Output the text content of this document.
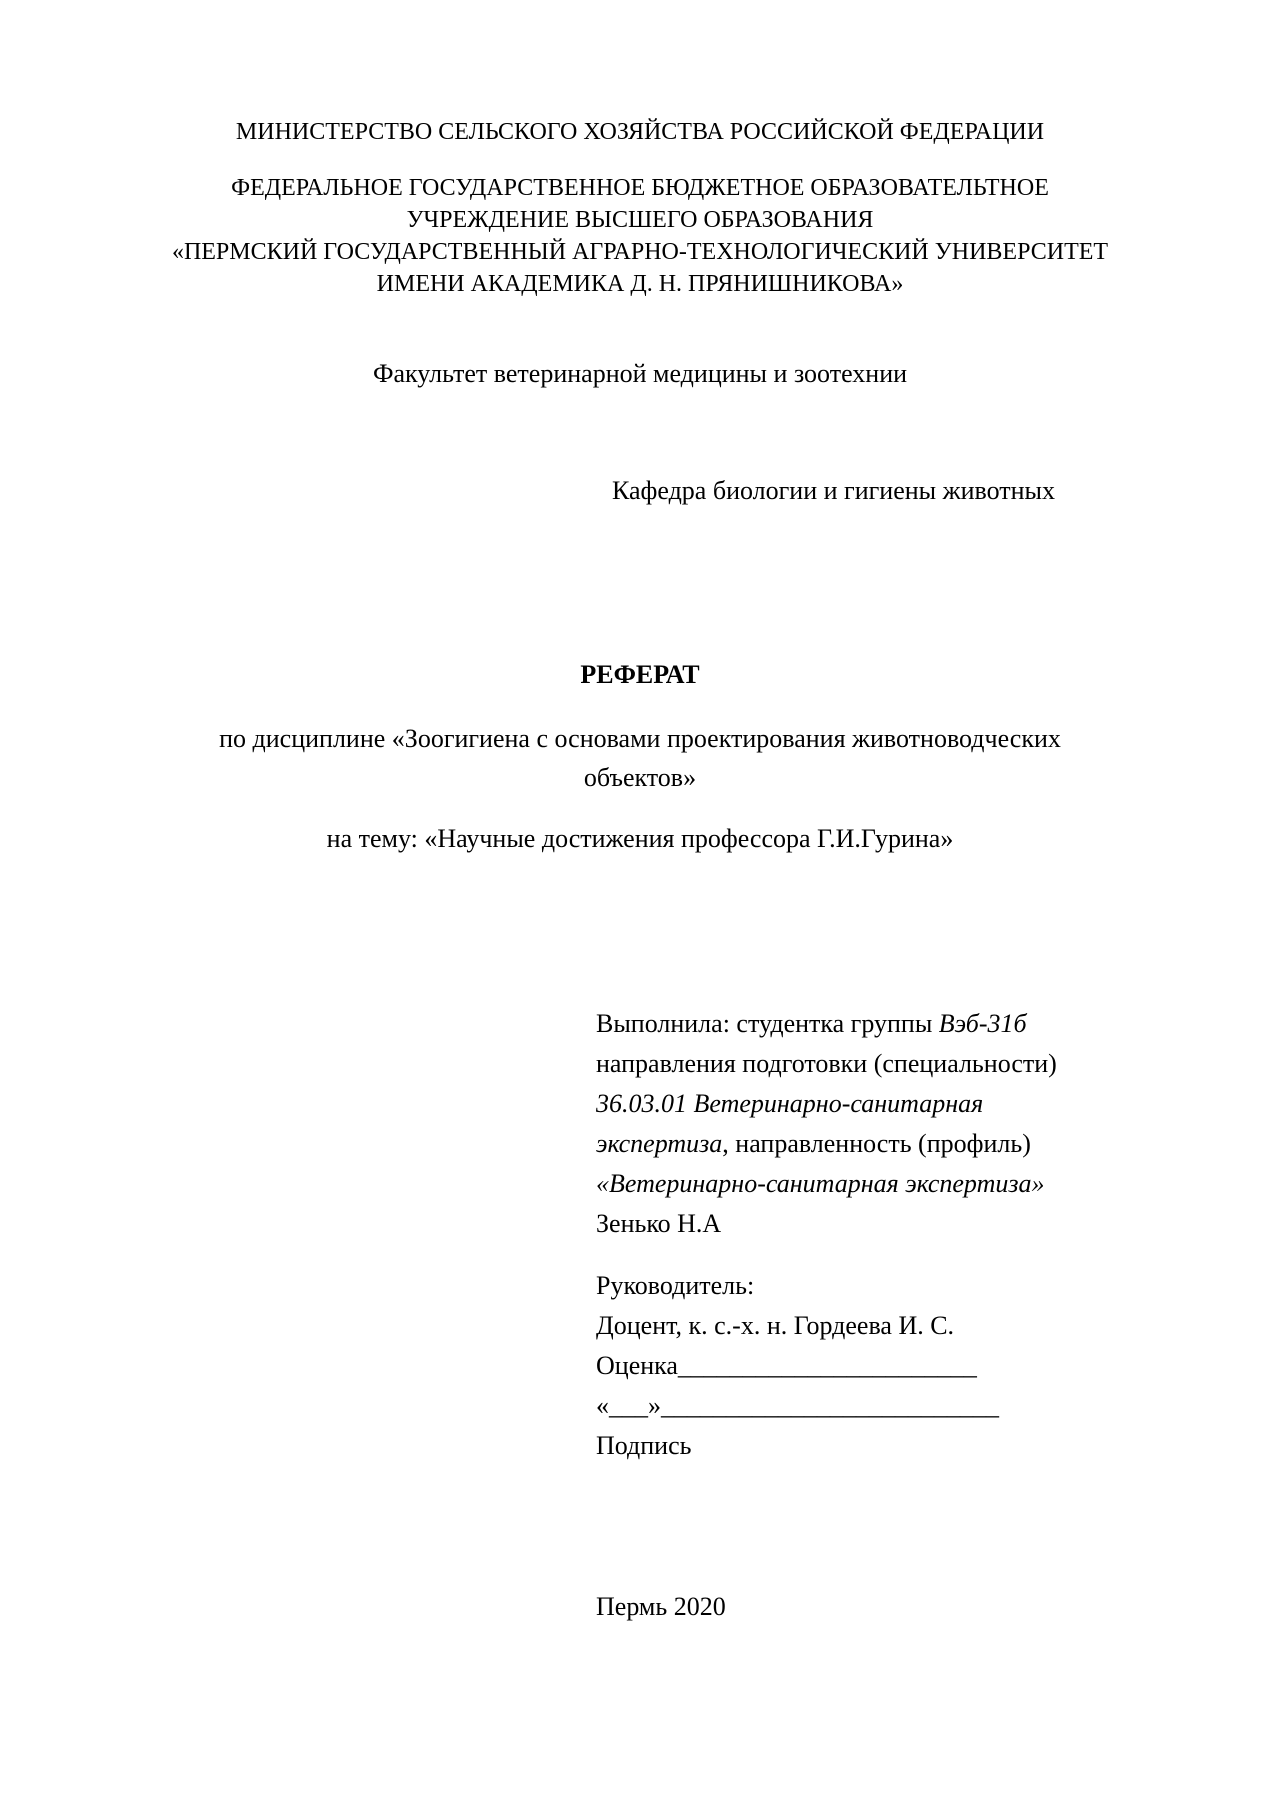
МИНИСТЕРСТВО СЕЛЬСКОГО ХОЗЯЙСТВА РОССИЙСКОЙ ФЕДЕРАЦИИ
ФЕДЕРАЛЬНОЕ ГОСУДАРСТВЕННОЕ БЮДЖЕТНОЕ ОБРАЗОВАТЕЛЬТНОЕ
УЧРЕЖДЕНИЕ ВЫСШЕГО ОБРАЗОВАНИЯ
«ПЕРМСКИЙ ГОСУДАРСТВЕННЫЙ АГРАРНО-ТЕХНОЛОГИЧЕСКИЙ УНИВЕРСИТЕТ
ИМЕНИ АКАДЕМИКА Д. Н. ПРЯНИШНИКОВА»
Факультет ветеринарной медицины и зоотехнии
Кафедра биологии и гигиены животных
РЕФЕРАТ
по дисциплине «Зоогигиена с основами проектирования животноводческих
объектов»
на тему: «Научные достижения профессора Г.И.Гурина»
Выполнила: студентка группы Вэб-31б
направления подготовки (специальности)
36.03.01 Ветеринарно-санитарная
экспертиза, направленность (профиль)
«Ветеринарно-санитарная экспертиза»
Зенько Н.А
Руководитель:
Доцент, к. с.-х. н. Гордеева И. С.
Оценка_______________________
«___»__________________________
Подпись
Пермь 2020
